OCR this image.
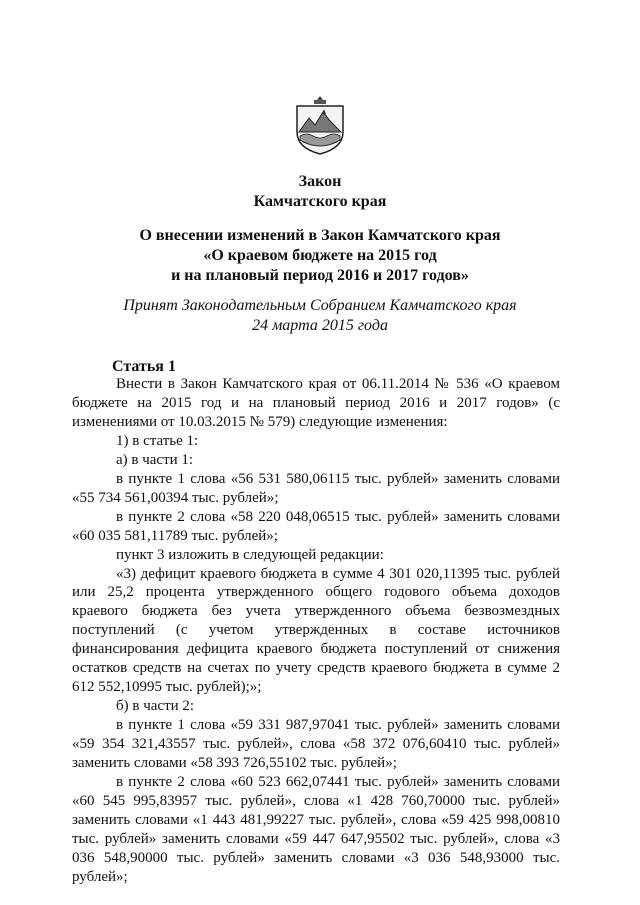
Закон
Камчатского края
О внесении изменений в Закон Камчатского края
«О краевом бюджете на 2015 год
и на плановый период 2016 и 2017 годов»
Принят Законодательным Собранием Камчатского края
24 марта 2015 года
Статья 1

Внести в Закон Камчатского края от 06.11.2014 № 536 «О краевом бюджете на 2015 год и на плановый период 2016 и 2017 годов» (с изменениями от 10.03.2015 № 579) следующие изменения:

1) в статье 1:

а) в части 1:

в пункте 1 слова «56 531 580,06115 тыс. рублей» заменить словами «55 734 561,00394 тыс. рублей»;

в пункте 2 слова «58 220 048,06515 тыс. рублей» заменить словами «60 035 581,11789 тыс. рублей»;

пункт 3 изложить в следующей редакции:

«3) дефицит краевого бюджета в сумме 4 301 020,11395 тыс. рублей или 25,2 процента утвержденного общего годового объема доходов краевого бюджета без учета утвержденного объема безвозмездных поступлений (с учетом утвержденных в составе источников финансирования дефицита краевого бюджета поступлений от снижения остатков средств на счетах по учету средств краевого бюджета в сумме 2 612 552,10995 тыс. рублей);»;

б) в части 2:

в пункте 1 слова «59 331 987,97041 тыс. рублей» заменить словами «59 354 321,43557 тыс. рублей», слова «58 372 076,60410 тыс. рублей» заменить словами «58 393 726,55102 тыс. рублей»;

в пункте 2 слова «60 523 662,07441 тыс. рублей» заменить словами «60 545 995,83957 тыс. рублей», слова «1 428 760,70000 тыс. рублей» заменить словами «1 443 481,99227 тыс. рублей», слова «59 425 998,00810 тыс. рублей» заменить словами «59 447 647,95502 тыс. рублей», слова «3 036 548,90000 тыс. рублей» заменить словами «3 036 548,93000 тыс. рублей»;
